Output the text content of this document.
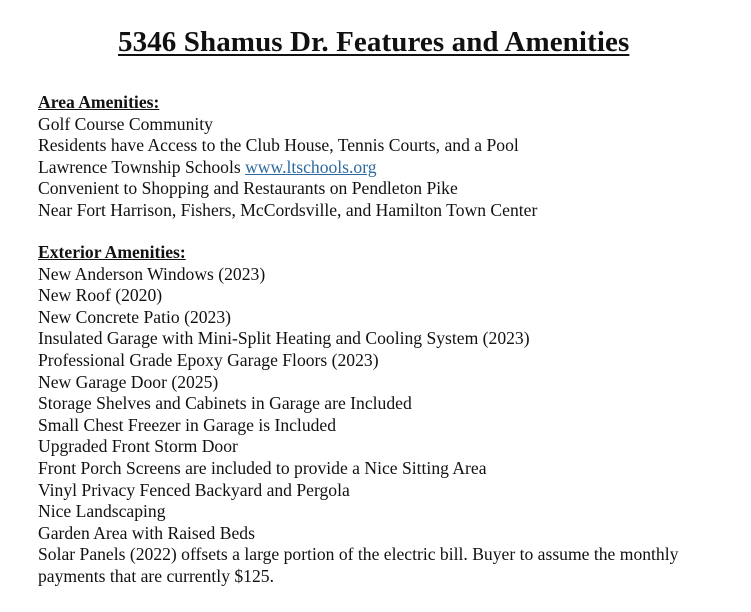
5346 Shamus Dr. Features and Amenities
Area Amenities:
Golf Course Community
Residents have Access to the Club House, Tennis Courts, and a Pool
Lawrence Township Schools www.ltschools.org
Convenient to Shopping and Restaurants on Pendleton Pike
Near Fort Harrison, Fishers, McCordsville, and Hamilton Town Center
Exterior Amenities:
New Anderson Windows (2023)
New Roof (2020)
New Concrete Patio (2023)
Insulated Garage with Mini-Split Heating and Cooling System (2023)
Professional Grade Epoxy Garage Floors (2023)
New Garage Door (2025)
Storage Shelves and Cabinets in Garage are Included
Small Chest Freezer in Garage is Included
Upgraded Front Storm Door
Front Porch Screens are included to provide a Nice Sitting Area
Vinyl Privacy Fenced Backyard and Pergola
Nice Landscaping
Garden Area with Raised Beds
Solar Panels (2022) offsets a large portion of the electric bill. Buyer to assume the monthly payments that are currently $125.
